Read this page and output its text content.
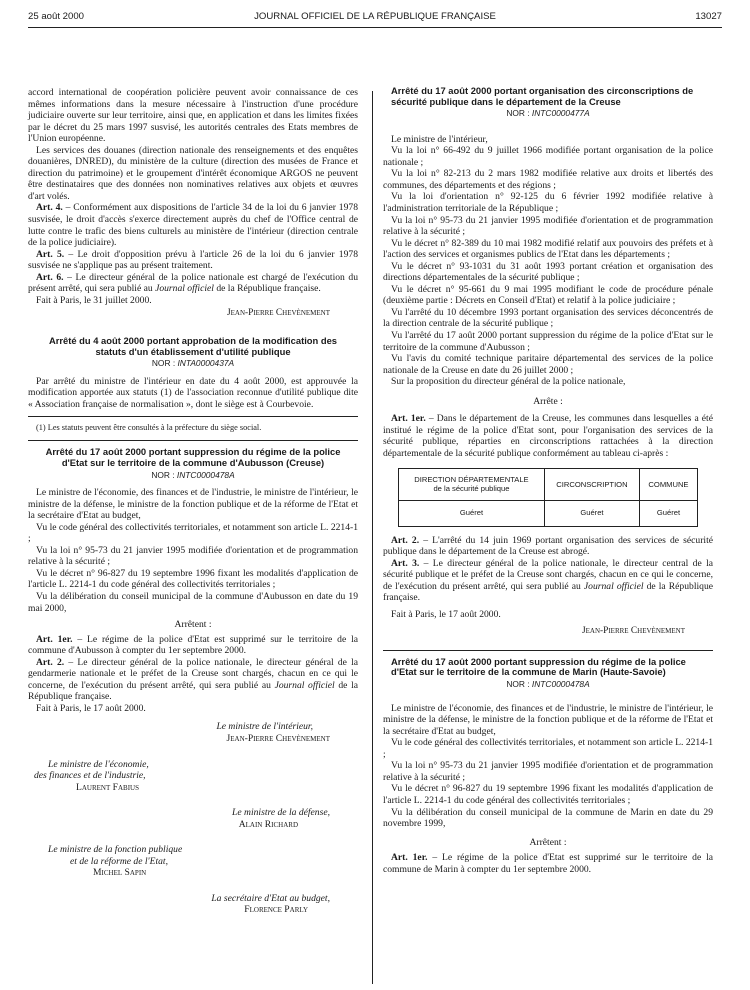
25 août 2000	JOURNAL OFFICIEL DE LA RÉPUBLIQUE FRANÇAISE	13027

accord international de coopération policière peuvent avoir connaissance de ces mêmes informations dans la mesure nécessaire à l'instruction d'une procédure judiciaire ouverte sur leur territoire, ainsi que, en application et dans les limites fixées par le décret du 25 mars 1997 susvisé, les autorités centrales des Etats membres de l'Union européenne.

Les services des douanes (direction nationale des renseignements et des enquêtes douanières, DNRED), du ministère de la culture (direction des musées de France et direction du patrimoine) et le groupement d'intérêt économique ARGOS ne peuvent être destinataires que des données non nominatives relatives aux objets et œuvres d'art volés.

Art. 4. – Conformément aux dispositions de l'article 34 de la loi du 6 janvier 1978 susvisée, le droit d'accès s'exerce directement auprès du chef de l'Office central de lutte contre le trafic des biens culturels au ministère de l'intérieur (direction centrale de la police judiciaire).

Art. 5. – Le droit d'opposition prévu à l'article 26 de la loi du 6 janvier 1978 susvisée ne s'applique pas au présent traitement.

Art. 6. – Le directeur général de la police nationale est chargé de l'exécution du présent arrêté, qui sera publié au Journal officiel de la République française.

Fait à Paris, le 31 juillet 2000.

Jean-Pierre Chevènement
Arrêté du 4 août 2000 portant approbation de la modification des statuts d'un établissement d'utilité publique
NOR : INTA0000437A

Par arrêté du ministre de l'intérieur en date du 4 août 2000, est approuvée la modification apportée aux statuts (1) de l'association reconnue d'utilité publique dite « Association française de normalisation », dont le siège est à Courbevoie.

(1) Les statuts peuvent être consultés à la préfecture du siège social.

Arrêté du 17 août 2000 portant suppression du régime de la police d'Etat sur le territoire de la commune d'Aubusson (Creuse)
NOR : INTC0000478A

Le ministre de l'économie, des finances et de l'industrie, le ministre de l'intérieur, le ministre de la défense, le ministre de la fonction publique et de la réforme de l'Etat et la secrétaire d'Etat au budget,

Vu le code général des collectivités territoriales, et notamment son article L. 2214-1 ;

Vu la loi n° 95-73 du 21 janvier 1995 modifiée d'orientation et de programmation relative à la sécurité ;

Vu le décret n° 96-827 du 19 septembre 1996 fixant les modalités d'application de l'article L. 2214-1 du code général des collectivités territoriales ;

Vu la délibération du conseil municipal de la commune d'Aubusson en date du 19 mai 2000,

Arrêtent :

Art. 1er. – Le régime de la police d'Etat est supprimé sur le territoire de la commune d'Aubusson à compter du 1er septembre 2000.

Art. 2. – Le directeur général de la police nationale, le directeur général de la gendarmerie nationale et le préfet de la Creuse sont chargés, chacun en ce qui le concerne, de l'exécution du présent arrêté, qui sera publié au Journal officiel de la République française.

Fait à Paris, le 17 août 2000.

Le ministre de l'intérieur,

Jean-Pierre Chevènement

Le ministre de l'économie,

des finances et de l'industrie,

Laurent Fabius

Le ministre de la défense,

Alain Richard

Le ministre de la fonction publique

et de la réforme de l'Etat,

Michel Sapin

La secrétaire d'Etat au budget,

Florence Parly

Arrêté du 17 août 2000 portant organisation des circonscriptions de sécurité publique dans le département de la Creuse
NOR : INTC0000477A

Le ministre de l'intérieur,

Vu la loi n° 66-492 du 9 juillet 1966 modifiée portant organisation de la police nationale ;

Vu la loi n° 82-213 du 2 mars 1982 modifiée relative aux droits et libertés des communes, des départements et des régions ;

Vu la loi d'orientation n° 92-125 du 6 février 1992 modifiée relative à l'administration territoriale de la République ;

Vu la loi n° 95-73 du 21 janvier 1995 modifiée d'orientation et de programmation relative à la sécurité ;

Vu le décret n° 82-389 du 10 mai 1982 modifié relatif aux pouvoirs des préfets et à l'action des services et organismes publics de l'Etat dans les départements ;

Vu le décret n° 93-1031 du 31 août 1993 portant création et organisation des directions départementales de la sécurité publique ;

Vu le décret n° 95-661 du 9 mai 1995 modifiant le code de procédure pénale (deuxième partie : Décrets en Conseil d'Etat) et relatif à la police judiciaire ;

Vu l'arrêté du 10 décembre 1993 portant organisation des services déconcentrés de la direction centrale de la sécurité publique ;

Vu l'arrêté du 17 août 2000 portant suppression du régime de la police d'Etat sur le territoire de la commune d'Aubusson ;

Vu l'avis du comité technique paritaire départemental des services de la police nationale de la Creuse en date du 26 juillet 2000 ;

Sur la proposition du directeur général de la police nationale,

Arrête :

Art. 1er. – Dans le département de la Creuse, les communes dans lesquelles a été institué le régime de la police d'Etat sont, pour l'organisation des services de la sécurité publique, réparties en circonscriptions rattachées à la direction départementale de la sécurité publique conformément au tableau ci-après :

DIRECTION DÉPARTEMENTALE
de la sécurité publique	CIRCONSCRIPTION	COMMUNE
Guéret	Guéret	Guéret

Art. 2. – L'arrêté du 14 juin 1969 portant organisation des services de sécurité publique dans le département de la Creuse est abrogé.

Art. 3. – Le directeur général de la police nationale, le directeur central de la sécurité publique et le préfet de la Creuse sont chargés, chacun en ce qui le concerne, de l'exécution du présent arrêté, qui sera publié au Journal officiel de la République française.

Fait à Paris, le 17 août 2000.

Jean-Pierre Chevènement
Arrêté du 17 août 2000 portant suppression du régime de la police d'Etat sur le territoire de la commune de Marin (Haute-Savoie)
NOR : INTC0000478A

Le ministre de l'économie, des finances et de l'industrie, le ministre de l'intérieur, le ministre de la défense, le ministre de la fonction publique et de la réforme de l'Etat et la secrétaire d'Etat au budget,

Vu le code général des collectivités territoriales, et notamment son article L. 2214-1 ;

Vu la loi n° 95-73 du 21 janvier 1995 modifiée d'orientation et de programmation relative à la sécurité ;

Vu le décret n° 96-827 du 19 septembre 1996 fixant les modalités d'application de l'article L. 2214-1 du code général des collectivités territoriales ;

Vu la délibération du conseil municipal de la commune de Marin en date du 29 novembre 1999,

Arrêtent :

Art. 1er. – Le régime de la police d'Etat est supprimé sur le territoire de la commune de Marin à compter du 1er septembre 2000.
